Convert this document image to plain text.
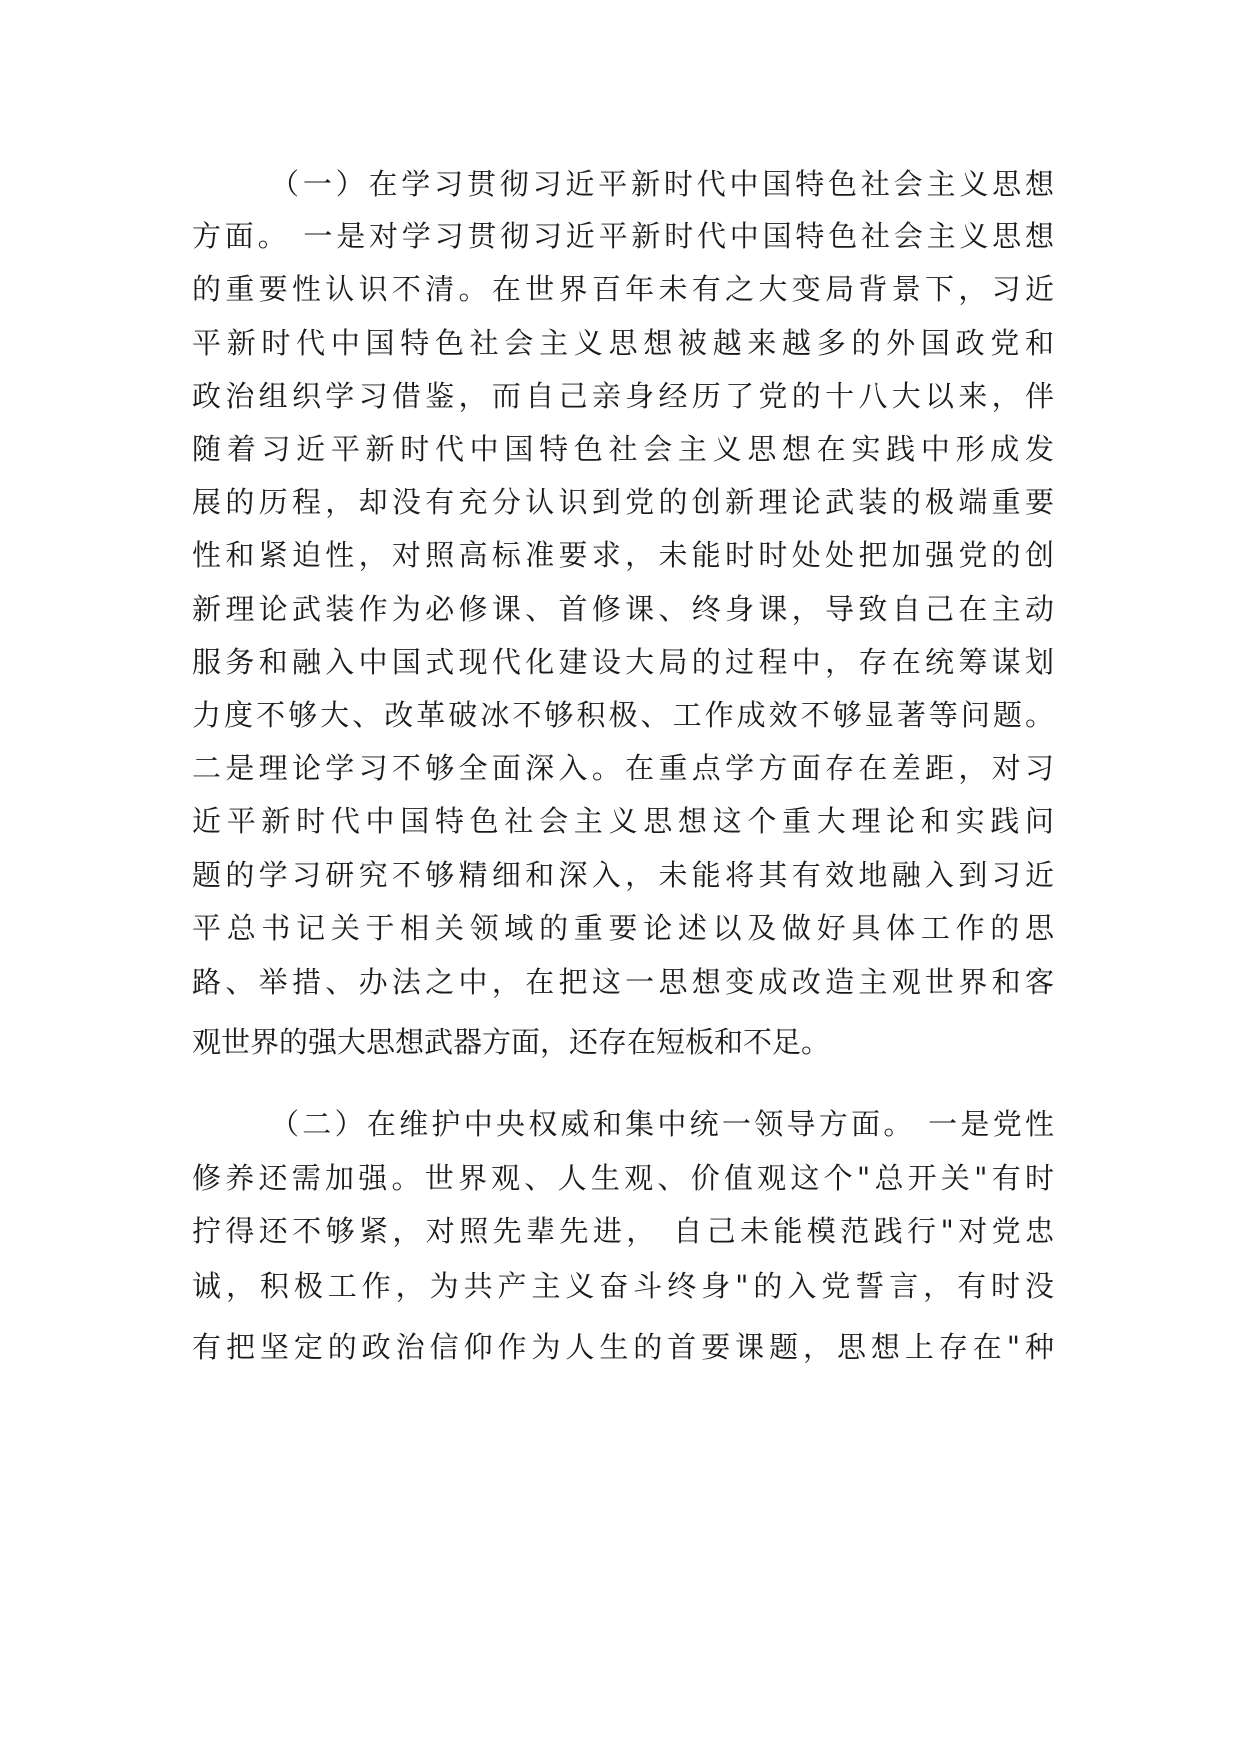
（一）在学习贯彻习近平新时代中国特色社会主义思想
方面。 一是对学习贯彻习近平新时代中国特色社会主义思想
的重要性认识不清。在世界百年未有之大变局背景下，习近
平新时代中国特色社会主义思想被越来越多的外国政党和
政治组织学习借鉴，而自己亲身经历了党的十八大以来，伴
随着习近平新时代中国特色社会主义思想在实践中形成发
展的历程，却没有充分认识到党的创新理论武装的极端重要
性和紧迫性，对照高标准要求，未能时时处处把加强党的创
新理论武装作为必修课、首修课、终身课，导致自己在主动
服务和融入中国式现代化建设大局的过程中，存在统筹谋划
力度不够大、改革破冰不够积极、工作成效不够显著等问题。
二是理论学习不够全面深入。在重点学方面存在差距，对习
近平新时代中国特色社会主义思想这个重大理论和实践问
题的学习研究不够精细和深入，未能将其有效地融入到习近
平总书记关于相关领域的重要论述以及做好具体工作的思
路、举措、办法之中，在把这一思想变成改造主观世界和客
观世界的强大思想武器方面，还存在短板和不足。
（二）在维护中央权威和集中统一领导方面。 一是党性
修养还需加强。世界观、人生观、价值观这个"总开关"有时
拧得还不够紧，对照先辈先进， 自己未能模范践行"对党忠
诚，积极工作，为共产主义奋斗终身"的入党誓言，有时没
有把坚定的政治信仰作为人生的首要课题，思想上存在"种
